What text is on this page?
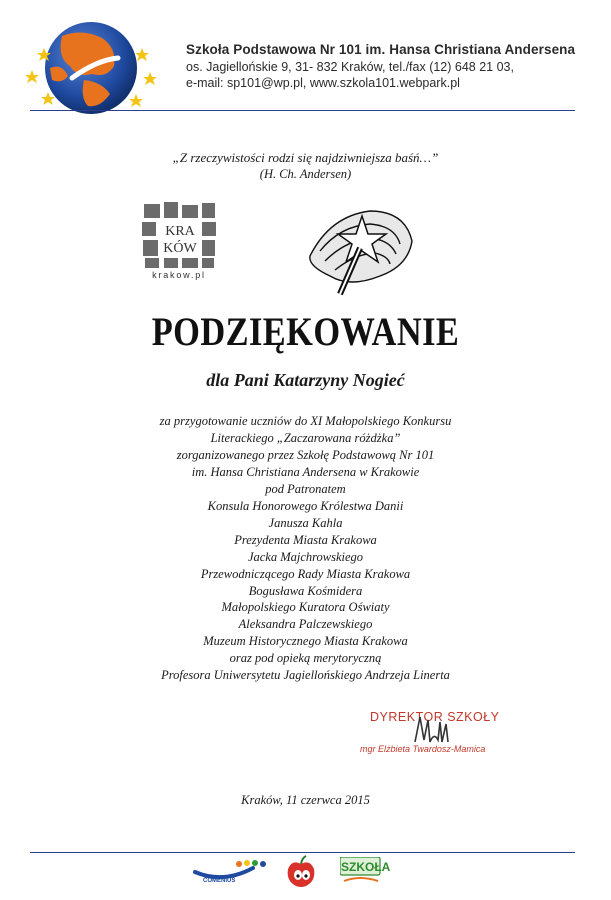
Szkoła Podstawowa Nr 101 im. Hansa Christiana Andersena
os. Jagiellońskie 9, 31- 832 Kraków, tel./fax (12) 648 21 03,
e-mail: sp101@wp.pl, www.szkola101.webpark.pl
„Z rzeczywistości rodzi się najdziwniejsza baśń…”
(H. Ch. Andersen)
KRA
KÓW
krakow.pl
PODZIĘKOWANIE
dla Pani Katarzyny Nogieć
za przygotowanie uczniów do XI Małopolskiego Konkursu
Literackiego „Zaczarowana różdżka”
zorganizowanego przez Szkołę Podstawową Nr 101
im. Hansa Christiana Andersena w Krakowie
pod Patronatem
Konsula Honorowego Królestwa Danii
Janusza Kahla
Prezydenta Miasta Krakowa
Jacka Majchrowskiego
Przewodniczącego Rady Miasta Krakowa
Bogusława Kośmidera
Małopolskiego Kuratora Oświaty
Aleksandra Palczewskiego
Muzeum Historycznego Miasta Krakowa
oraz pod opieką merytoryczną
Profesora Uniwersytetu Jagiellońskiego Andrzeja Linerta
DYREKTOR SZKOŁY
mgr Elżbieta Twardosz-Mamica
Kraków, 11 czerwca 2015
COMENIUS
SZKOŁA
